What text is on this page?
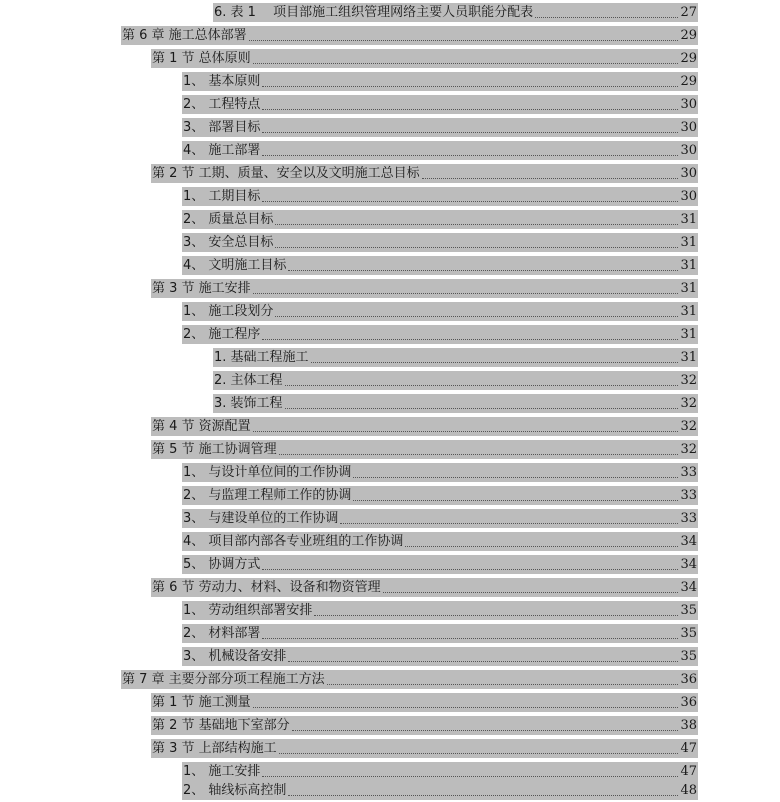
6. 表 1　 项目部施工组织管理网络主要人员职能分配表	27
第 6 章 施工总体部署	29
第 1 节 总体原则	29
1、 基本原则	29
2、 工程特点	30
3、 部署目标	30
4、 施工部署	30
第 2 节 工期、质量、安全以及文明施工总目标	30
1、 工期目标	30
2、 质量总目标	31
3、 安全总目标	31
4、 文明施工目标	31
第 3 节 施工安排	31
1、 施工段划分	31
2、 施工程序	31
1. 基础工程施工	31
2. 主体工程	32
3. 装饰工程	32
第 4 节 资源配置	32
第 5 节 施工协调管理	32
1、 与设计单位间的工作协调	33
2、 与监理工程师工作的协调	33
3、 与建设单位的工作协调	33
4、 项目部内部各专业班组的工作协调	34
5、 协调方式	34
第 6 节 劳动力、材料、设备和物资管理	34
1、 劳动组织部署安排	35
2、 材料部署	35
3、 机械设备安排	35
第 7 章 主要分部分项工程施工方法	36
第 1 节 施工测量	36
第 2 节 基础地下室部分	38
第 3 节 上部结构施工	47
1、 施工安排	47
2、 轴线标高控制	48
